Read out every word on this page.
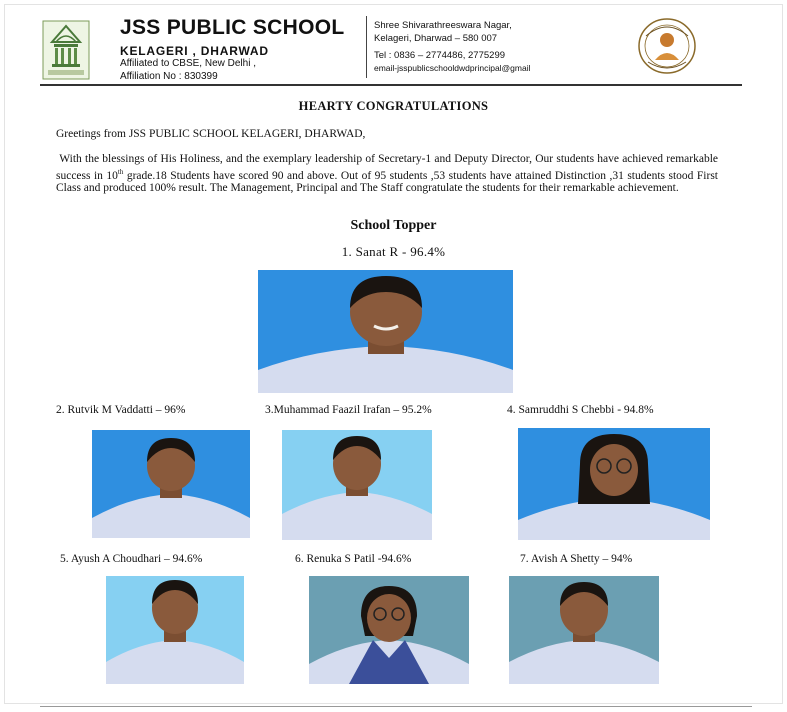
JSS PUBLIC SCHOOL
KELAGERI , DHARWAD
Affiliated to CBSE, New Delhi ,
Affiliation No : 830399
Shree Shivarathreeswara Nagar,
Kelageri, Dharwad – 580 007
Tel : 0836 – 2774486, 2775299
email-jsspublicschooldwdprincipal@gmail
HEARTY CONGRATULATIONS
Greetings from JSS PUBLIC SCHOOL KELAGERI, DHARWAD,
With the blessings of His Holiness, and the exemplary leadership of Secretary-1 and Deputy Director, Our students have achieved remarkable success in 10th grade.18 Students have scored 90 and above. Out of 95 students ,53 students have attained Distinction ,31 students stood First Class and produced 100% result. The Management, Principal and The Staff congratulate the students for their remarkable achievement.
School Topper
1. Sanat R - 96.4%
2. Rutvik M Vaddatti – 96%	3.Muhammad Faazil Irafan – 95.2%	4. Samruddhi S Chebbi - 94.8%
5. Ayush A Choudhari – 94.6%	6. Renuka S Patil -94.6%	7. Avish A Shetty – 94%
